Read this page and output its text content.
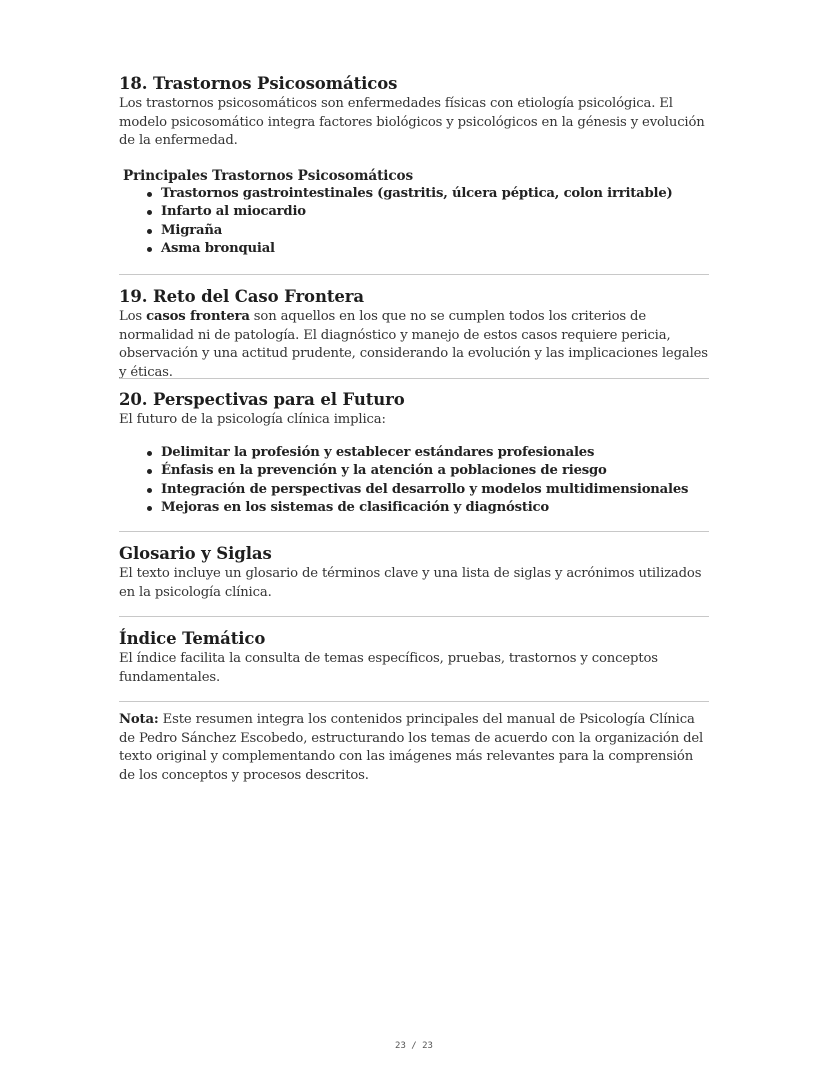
18. Trastornos Psicosomáticos

Los trastornos psicosomáticos son enfermedades físicas con etiología psicológica. El modelo psicosomático integra factores biológicos y psicológicos en la génesis y evolución de la enfermedad.

Principales Trastornos Psicosomáticos
Trastornos gastrointestinales (gastritis, úlcera péptica, colon irritable)
Infarto al miocardio
Migraña
Asma bronquial
19. Reto del Caso Frontera

Los casos frontera son aquellos en los que no se cumplen todos los criterios de normalidad ni de patología. El diagnóstico y manejo de estos casos requiere pericia, observación y una actitud prudente, considerando la evolución y las implicaciones legales y éticas.

20. Perspectivas para el Futuro

El futuro de la psicología clínica implica:

Delimitar la profesión y establecer estándares profesionales
Énfasis en la prevención y la atención a poblaciones de riesgo
Integración de perspectivas del desarrollo y modelos multidimensionales
Mejoras en los sistemas de clasificación y diagnóstico
Glosario y Siglas

El texto incluye un glosario de términos clave y una lista de siglas y acrónimos utilizados en la psicología clínica.

Índice Temático

El índice facilita la consulta de temas específicos, pruebas, trastornos y conceptos fundamentales.

Nota: Este resumen integra los contenidos principales del manual de Psicología Clínica de Pedro Sánchez Escobedo, estructurando los temas de acuerdo con la organización del texto original y complementando con las imágenes más relevantes para la comprensión de los conceptos y procesos descritos.

23 / 23
